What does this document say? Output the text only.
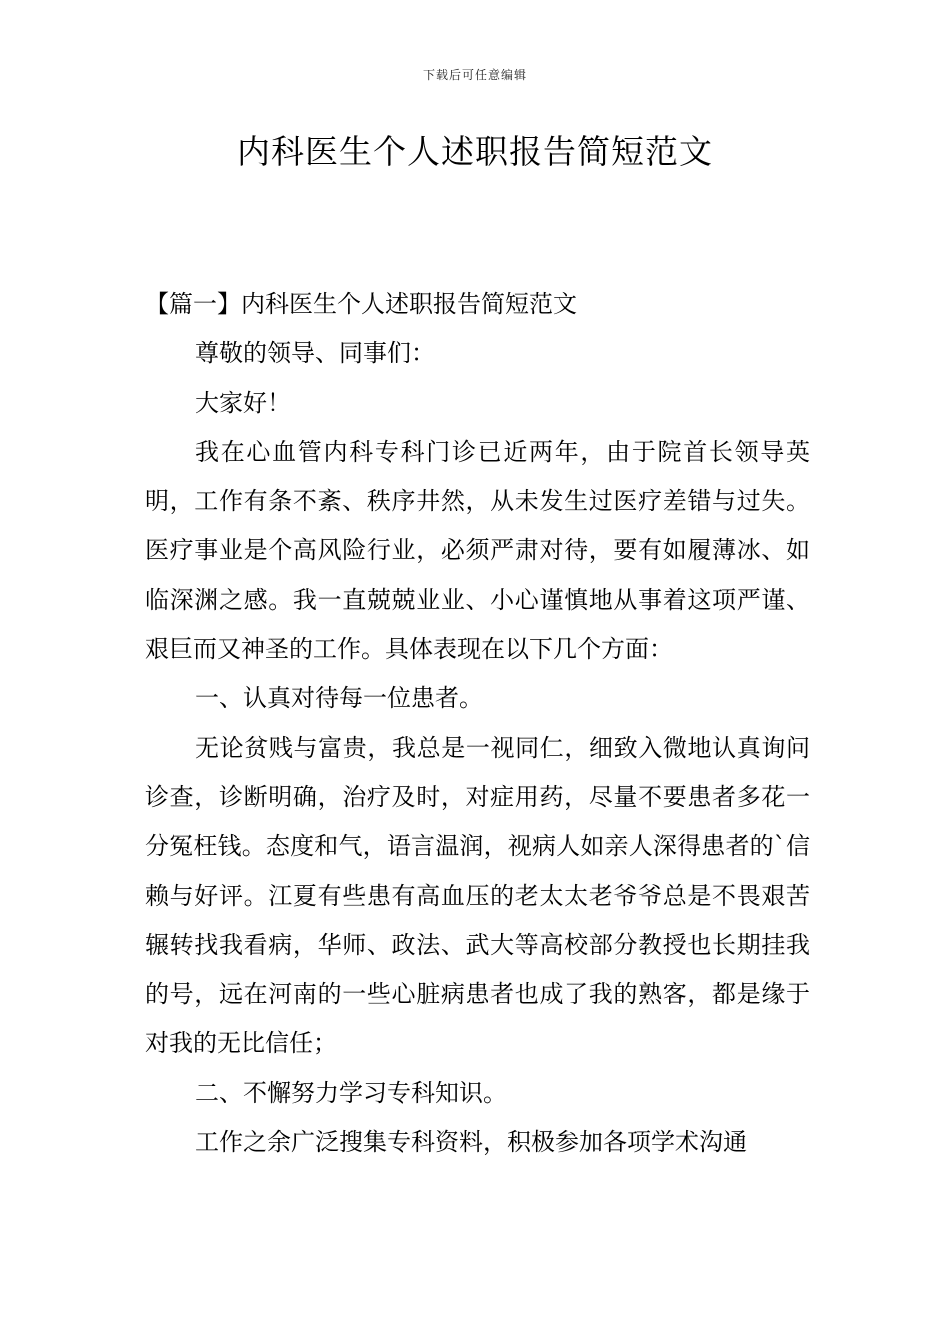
下载后可任意编辑
内科医生个人述职报告简短范文

【篇一】内科医生个人述职报告简短范文

尊敬的领导、同事们：

大家好！

我在心血管内科专科门诊已近两年，由于院首长领导英明，工作有条不紊、秩序井然，从未发生过医疗差错与过失。医疗事业是个高风险行业，必须严肃对待，要有如履薄冰、如临深渊之感。我一直兢兢业业、小心谨慎地从事着这项严谨、艰巨而又神圣的工作。具体表现在以下几个方面：

一、认真对待每一位患者。

无论贫贱与富贵，我总是一视同仁，细致入微地认真询问诊查，诊断明确，治疗及时，对症用药，尽量不要患者多花一分冤枉钱。态度和气，语言温润，视病人如亲人深得患者的`信赖与好评。江夏有些患有高血压的老太太老爷爷总是不畏艰苦辗转找我看病，华师、政法、武大等高校部分教授也长期挂我的号，远在河南的一些心脏病患者也成了我的熟客，都是缘于对我的无比信任；

二、不懈努力学习专科知识。

工作之余广泛搜集专科资料，积极参加各项学术沟通
